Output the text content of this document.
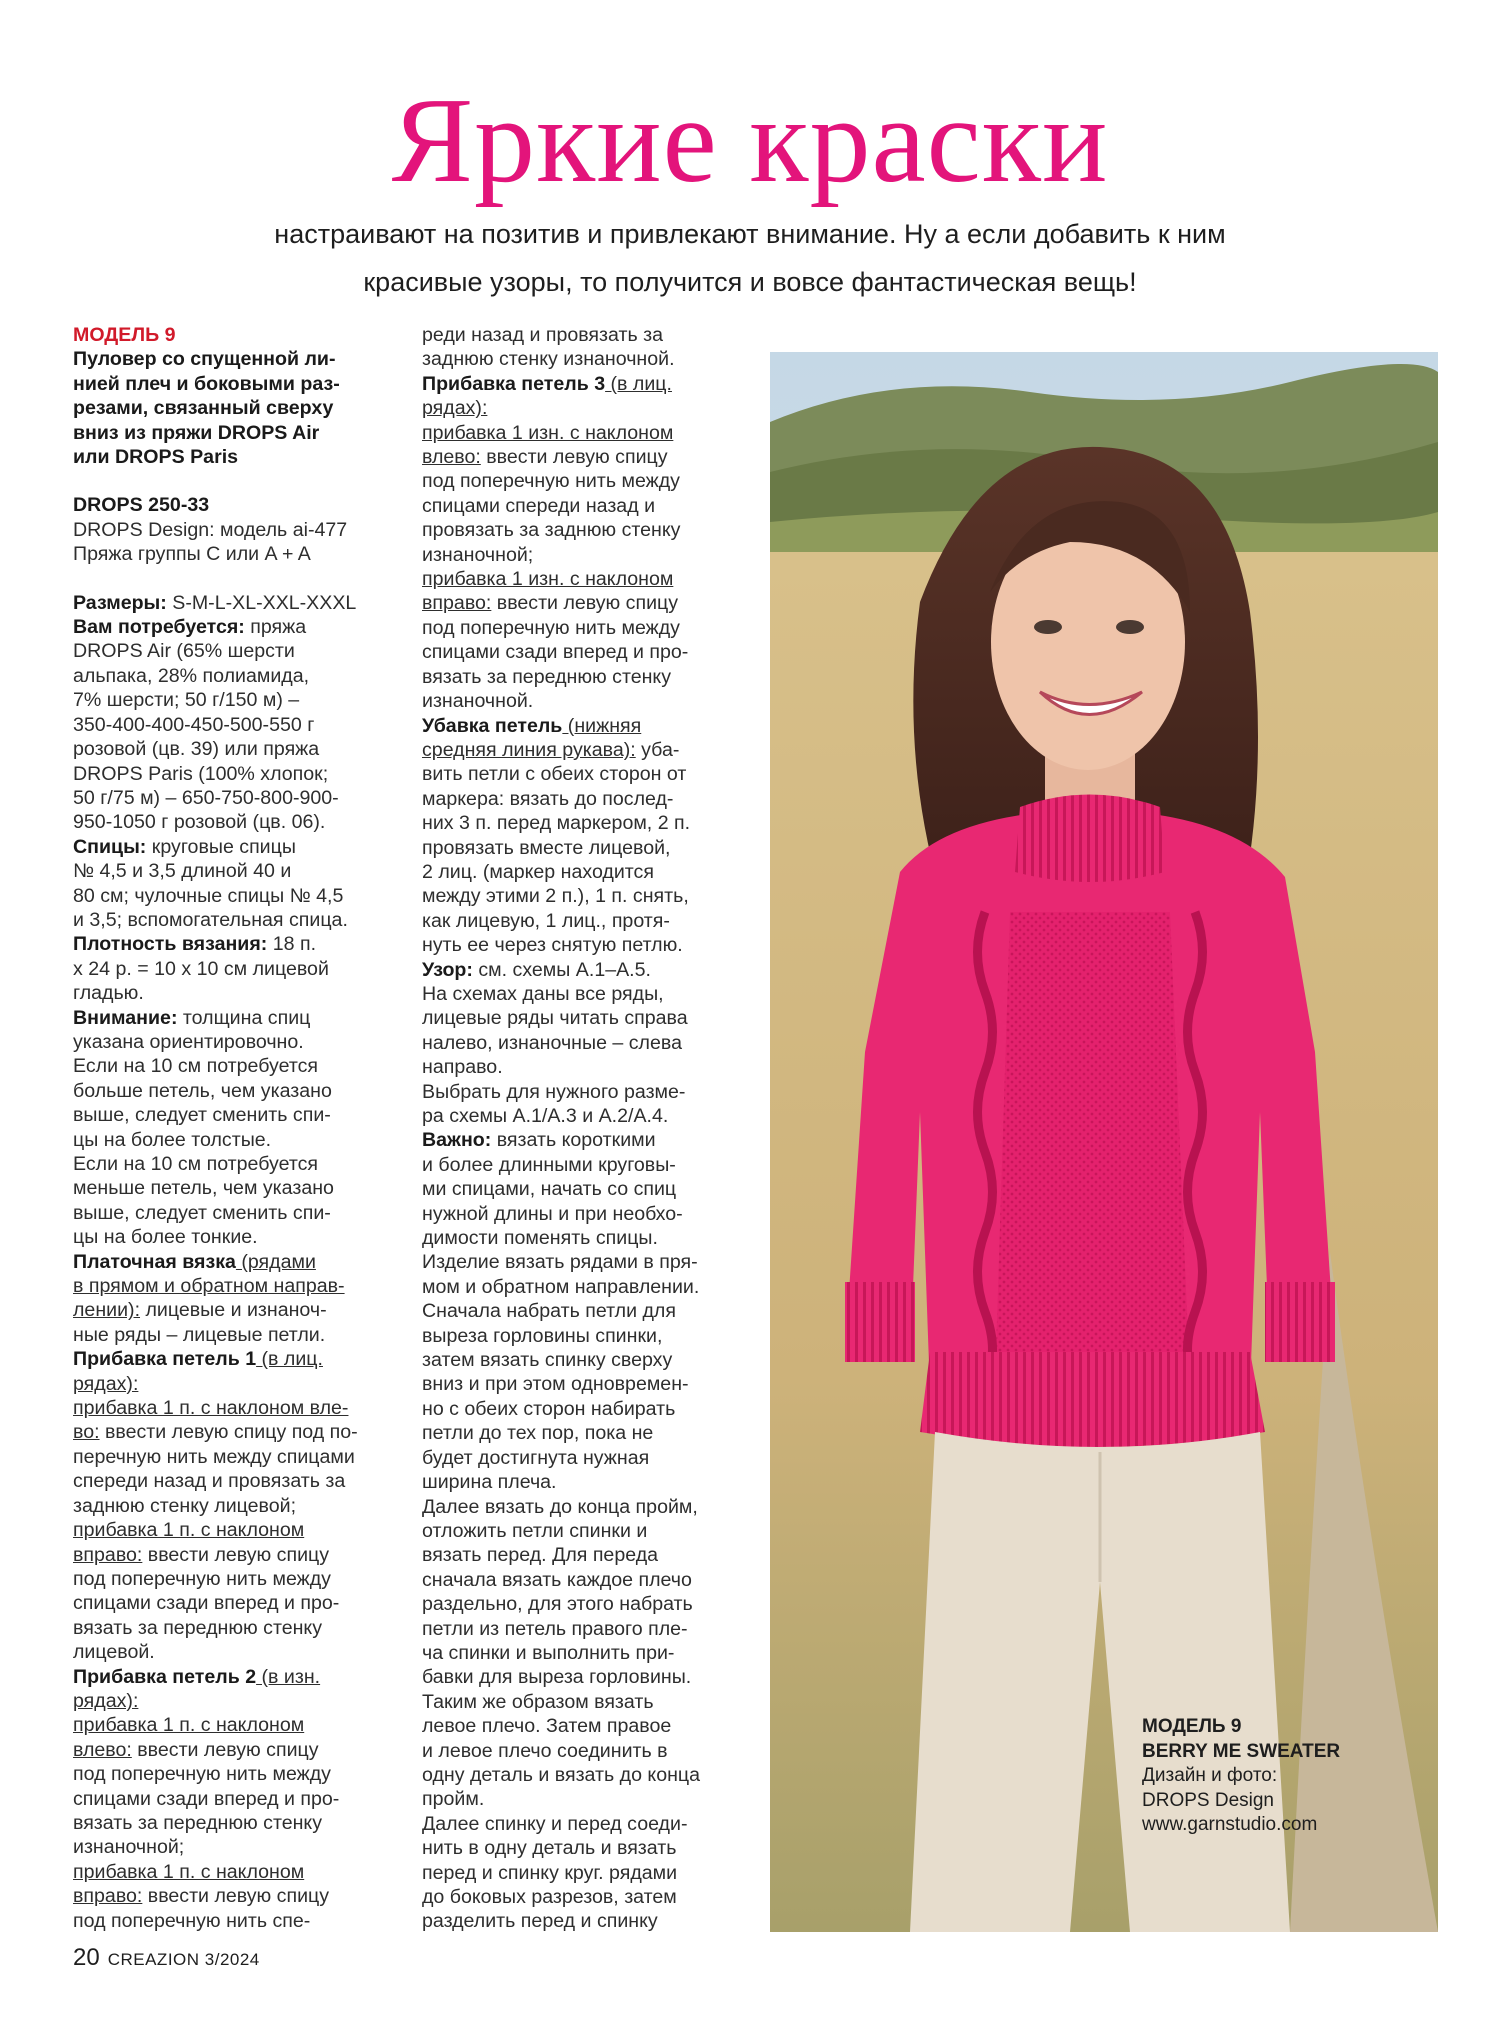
Яркие краски
настраивают на позитив и привлекают внимание. Ну а если добавить к ним
красивые узоры, то получится и вовсе фантастическая вещь!

МОДЕЛЬ 9

Пуловер со спущенной ли-
нией плеч и боковыми раз-
резами, связанный сверху
вниз из пряжи DROPS Air
или DROPS Paris

DROPS 250-33

DROPS Design: модель ai-477

Пряжа группы C или A + A

Размеры: S-M-L-XL-XXL-XXXL

Вам потребуется: пряжа
DROPS Air (65% шерсти
альпака, 28% полиамида,
7% шерсти; 50 г/150 м) –
350-400-400-450-500-550 г
розовой (цв. 39) или пряжа
DROPS Paris (100% хлопок;
50 г/75 м) – 650-750-800-900-
950-1050 г розовой (цв. 06).
Спицы: круговые спицы
№ 4,5 и 3,5 длиной 40 и
80 см; чулочные спицы № 4,5
и 3,5; вспомогательная спица.
Плотность вязания: 18 п.
х 24 р. = 10 х 10 см лицевой
гладью.
Внимание: толщина спиц
указана ориентировочно.
Если на 10 см потребуется
больше петель, чем указано
выше, следует сменить спи-
цы на более толстые.
Если на 10 см потребуется
меньше петель, чем указано
выше, следует сменить спи-
цы на более тонкие.
Платочная вязка (рядами
в прямом и обратном направ-
лении): лицевые и изнаноч-
ные ряды – лицевые петли.
Прибавка петель 1 (в лиц.
рядах):
прибавка 1 п. с наклоном вле-
во: ввести левую спицу под по-
перечную нить между спицами
спереди назад и провязать за
заднюю стенку лицевой;
прибавка 1 п. с наклоном
вправо: ввести левую спицу
под поперечную нить между
спицами сзади вперед и про-
вязать за переднюю стенку
лицевой.
Прибавка петель 2 (в изн.
рядах):
прибавка 1 п. с наклоном
влево: ввести левую спицу
под поперечную нить между
спицами сзади вперед и про-
вязать за переднюю стенку
изнаночной;
прибавка 1 п. с наклоном
вправо: ввести левую спицу
под поперечную нить спе-
реди назад и провязать за
заднюю стенку изнаночной.
Прибавка петель 3 (в лиц.
рядах):
прибавка 1 изн. с наклоном
влево: ввести левую спицу
под поперечную нить между
спицами спереди назад и
провязать за заднюю стенку
изнаночной;
прибавка 1 изн. с наклоном
вправо: ввести левую спицу
под поперечную нить между
спицами сзади вперед и про-
вязать за переднюю стенку
изнаночной.
Убавка петель (нижняя
средняя линия рукава): уба-
вить петли с обеих сторон от
маркера: вязать до послед-
них 3 п. перед маркером, 2 п.
провязать вместе лицевой,
2 лиц. (маркер находится
между этими 2 п.), 1 п. снять,
как лицевую, 1 лиц., протя-
нуть ее через снятую петлю.
Узор: см. схемы А.1–А.5.
На схемах даны все ряды,
лицевые ряды читать справа
налево, изнаночные – слева
направо.
Выбрать для нужного разме-
ра схемы А.1/А.3 и А.2/А.4.
Важно: вязать короткими
и более длинными круговы-
ми спицами, начать со спиц
нужной длины и при необхо-
димости поменять спицы.
Изделие вязать рядами в пря-
мом и обратном направлении.
Сначала набрать петли для
выреза горловины спинки,
затем вязать спинку сверху
вниз и при этом одновремен-
но с обеих сторон набирать
петли до тех пор, пока не
будет достигнута нужная
ширина плеча.
Далее вязать до конца пройм,
отложить петли спинки и
вязать перед. Для переда
сначала вязать каждое плечо
раздельно, для этого набрать
петли из петель правого пле-
ча спинки и выполнить при-
бавки для выреза горловины.
Таким же образом вязать
левое плечо. Затем правое
и левое плечо соединить в
одну деталь и вязать до конца
пройм.
Далее спинку и перед соеди-
нить в одну деталь и вязать
перед и спинку круг. рядами
до боковых разрезов, затем
разделить перед и спинку
МОДЕЛЬ 9
BERRY ME SWEATER
Дизайн и фото:
DROPS Design
www.garnstudio.com
20 CREAZION 3/2024
